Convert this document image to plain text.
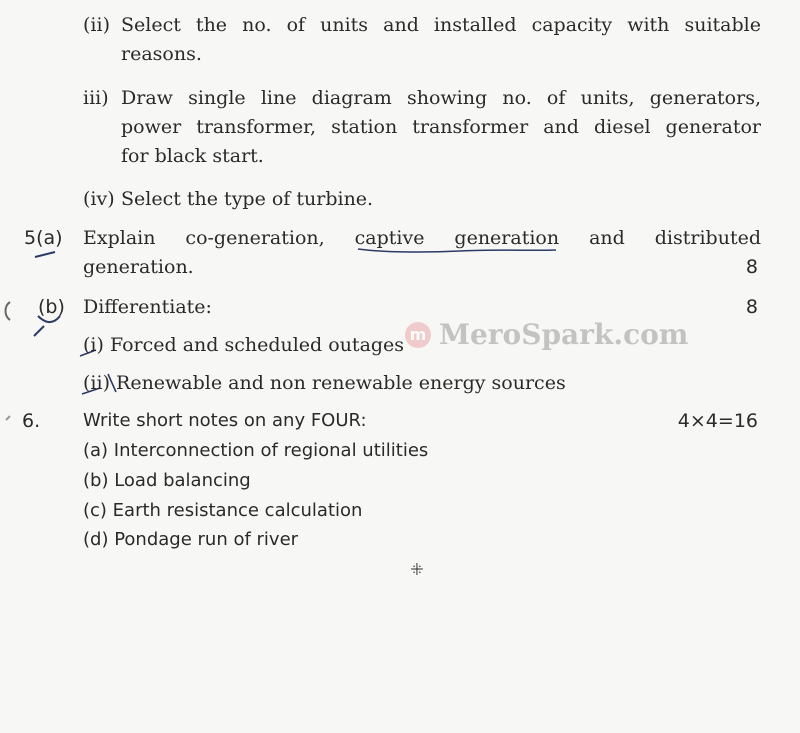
(ii) Select the no. of units and installed capacity with suitable
reasons.
iii) Draw single line diagram showing no. of units, generators,
power transformer, station transformer and diesel generator
for black start.
(iv) Select the type of turbine.
5(a) Explain co-generation, captive generation and distributed
generation.	8
(b) Differentiate:	8
(i) Forced and scheduled outages
(ii) Renewable and non renewable energy sources
m MeroSpark.com
6. Write short notes on any FOUR:	4×4=16
(a) Interconnection of regional utilities
(b) Load balancing
(c) Earth resistance calculation
(d) Pondage run of river
ꔰ
